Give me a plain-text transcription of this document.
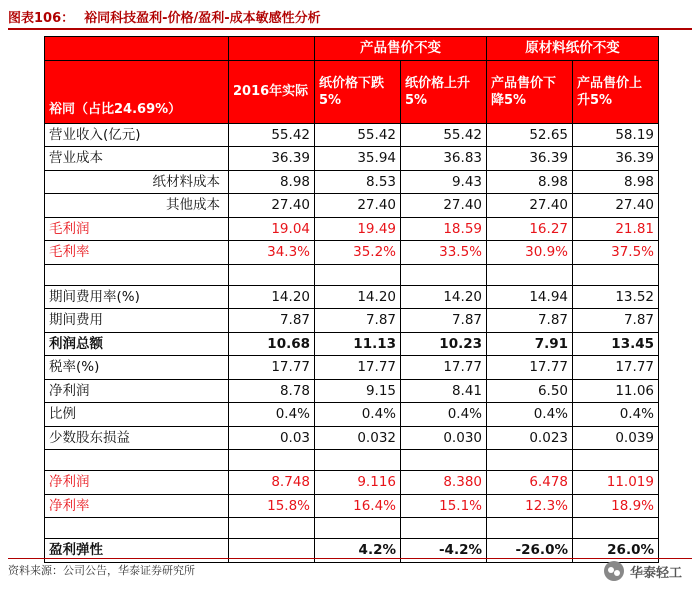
图表106： 裕同科技盈利-价格/盈利-成本敏感性分析
		产品售价不变		原材料纸价不变	
裕同（占比24.69%）	2016年实际	纸价格下跌5%	纸价格上升5%	产品售价下降5%	产品售价上升5%
营业收入(亿元)	55.42	55.42	55.42	52.65	58.19
营业成本	36.39	35.94	36.83	36.39	36.39
纸材料成本	8.98	8.53	9.43	8.98	8.98
其他成本	27.40	27.40	27.40	27.40	27.40
毛利润	19.04	19.49	18.59	16.27	21.81
毛利率	34.3%	35.2%	33.5%	30.9%	37.5%

期间费用率(%)	14.20	14.20	14.20	14.94	13.52
期间费用	7.87	7.87	7.87	7.87	7.87
利润总额	10.68	11.13	10.23	7.91	13.45
税率(%)	17.77	17.77	17.77	17.77	17.77
净利润	8.78	9.15	8.41	6.50	11.06
比例	0.4%	0.4%	0.4%	0.4%	0.4%
少数股东损益	0.03	0.032	0.030	0.023	0.039

净利润	8.748	9.116	8.380	6.478	11.019
净利率	15.8%	16.4%	15.1%	12.3%	18.9%

盈利弹性		4.2%	-4.2%	-26.0%	26.0%
资料来源：公司公告，华泰证券研究所	华泰轻工
